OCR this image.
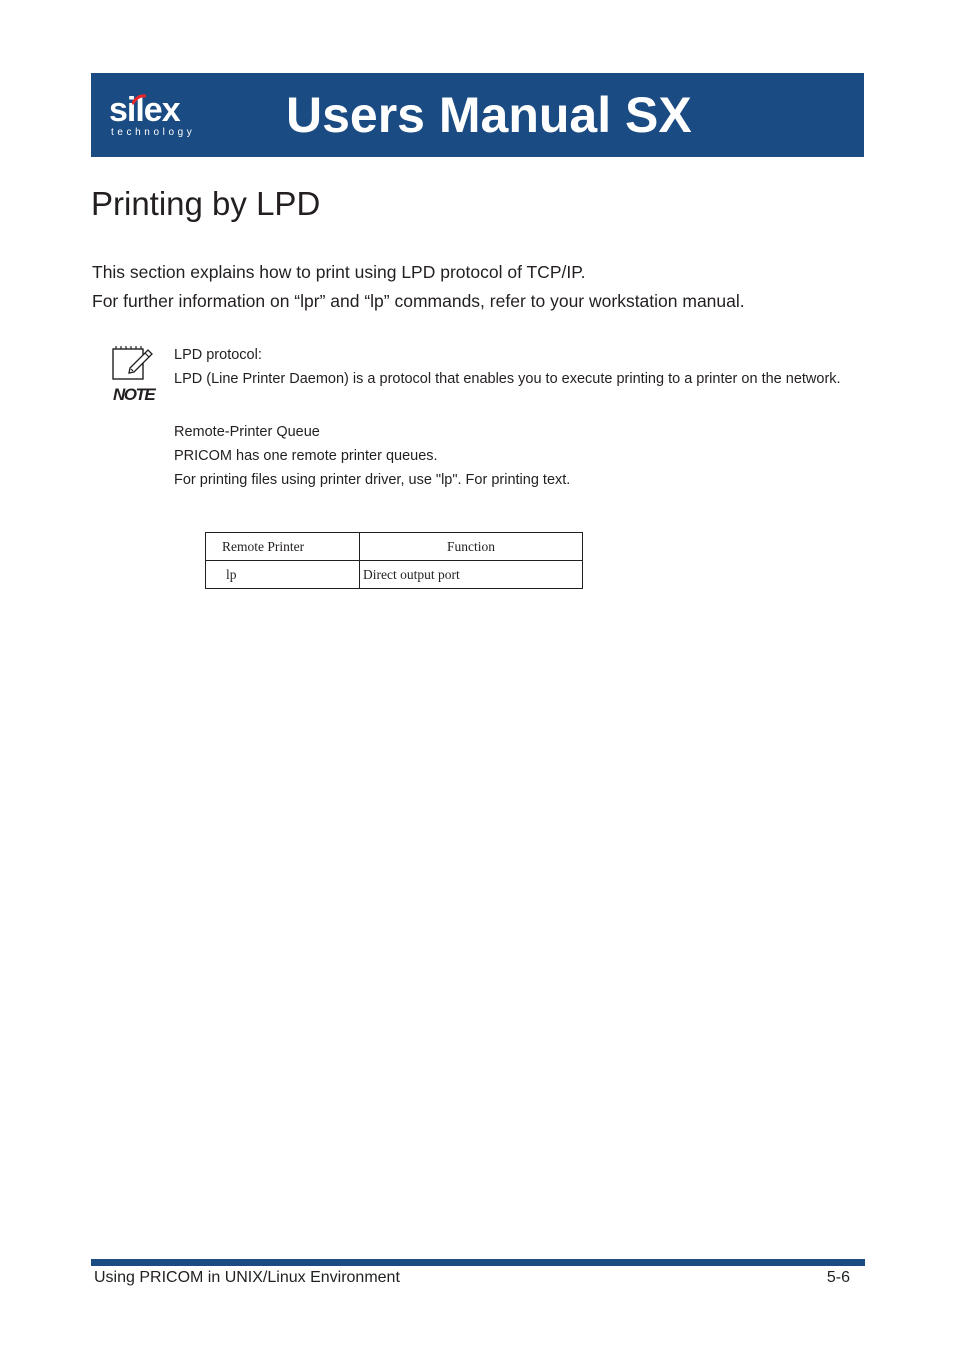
silex
technology Users Manual SX
Printing by LPD

This section explains how to print using LPD protocol of TCP/IP.

For further information on “lpr” and “lp” commands, refer to your workstation manual.

NOTE

LPD protocol:

LPD (Line Printer Daemon) is a protocol that enables you to execute printing to a printer on the network.

Remote-Printer Queue

PRICOM has one remote printer queues.

For printing files using printer driver, use "lp". For printing text.

Remote Printer	Function
lp	Direct output port
Using PRICOM in UNIX/Linux Environment	5-6
